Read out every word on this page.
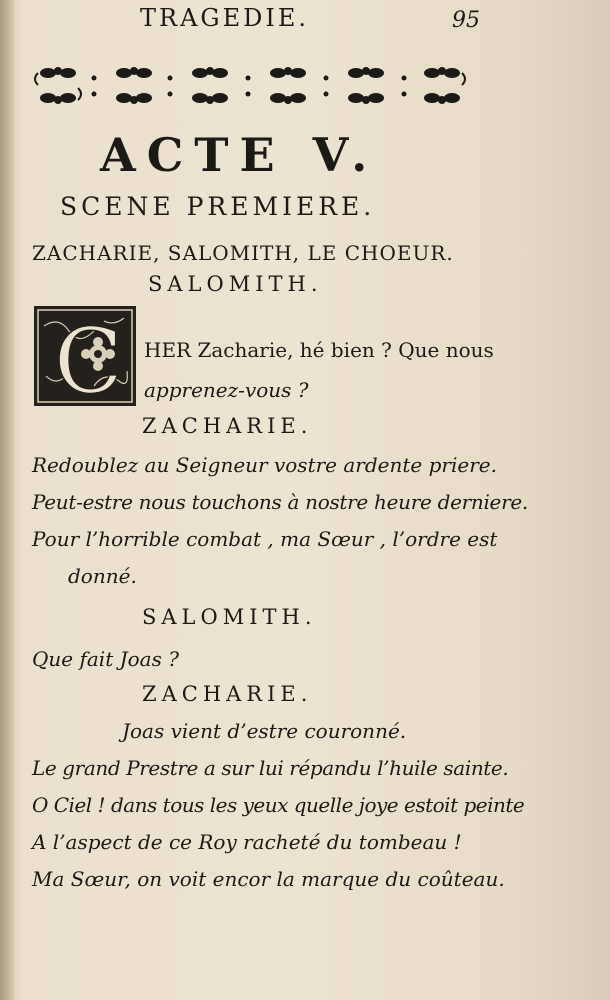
TRAGEDIE.	95
ACTE V.
SCENE PREMIERE.
ZACHARIE, SALOMITH, LE CHOEUR.
SALOMITH.
C HER Zacharie, hé bien ? Que nous
apprenez-vous ?
ZACHARIE.
Redoublez au Seigneur vostre ardente priere.
Peut-estre nous touchons à nostre heure derniere.
Pour l’horrible combat , ma Sœur , l’ordre est
donné.
SALOMITH.
Que fait Joas ?
ZACHARIE.
Joas vient d’estre couronné.
Le grand Prestre a sur lui répandu l’huile sainte.
O Ciel ! dans tous les yeux quelle joye estoit peinte
A l’aspect de ce Roy racheté du tombeau !
Ma Sœur, on voit encor la marque du coûteau.
